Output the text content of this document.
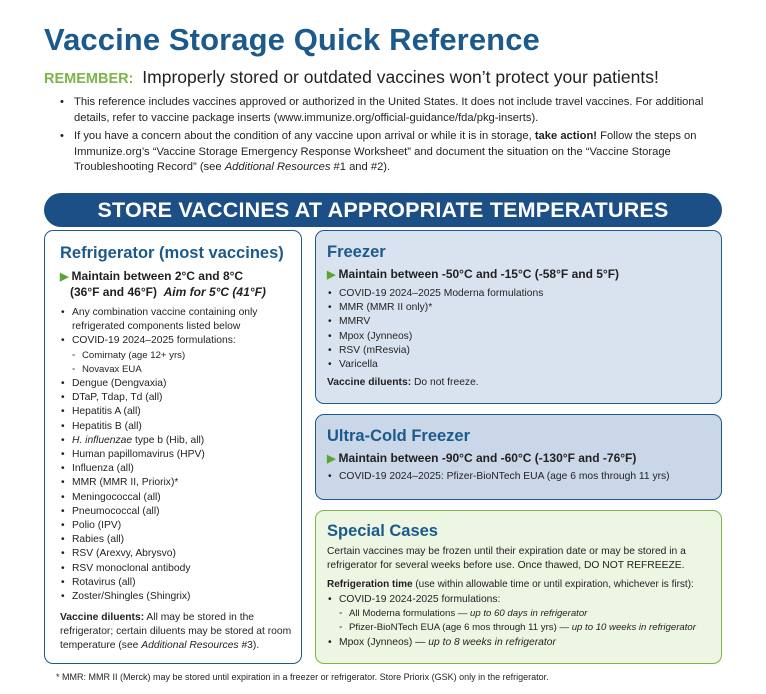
Vaccine Storage Quick Reference
REMEMBER: Improperly stored or outdated vaccines won’t protect your patients!
• This reference includes vaccines approved or authorized in the United States. It does not include travel vaccines. For additional details, refer to vaccine package inserts (www.immunize.org/official-guidance/fda/pkg-inserts).
• If you have a concern about the condition of any vaccine upon arrival or while it is in storage, take action! Follow the steps on Immunize.org’s “Vaccine Storage Emergency Response Worksheet” and document the situation on the “Vaccine Storage Troubleshooting Record” (see Additional Resources #1 and #2).
STORE VACCINES AT APPROPRIATE TEMPERATURES
Refrigerator (most vaccines)
▶ Maintain between 2°C and 8°C
(36°F and 46°F) Aim for 5°C (41°F)
• Any combination vaccine containing only
refrigerated components listed below
• COVID-19 2024–2025 formulations:
◦ Comirnaty (age 12+ yrs)
◦ Novavax EUA
• Dengue (Dengvaxia)
• DTaP, Tdap, Td (all)
• Hepatitis A (all)
• Hepatitis B (all)
• H. influenzae type b (Hib, all)
• Human papillomavirus (HPV)
• Influenza (all)
• MMR (MMR II, Priorix)*
• Meningococcal (all)
• Pneumococcal (all)
• Polio (IPV)
• Rabies (all)
• RSV (Arexvy, Abrysvo)
• RSV monoclonal antibody
• Rotavirus (all)
• Zoster/Shingles (Shingrix)
Vaccine diluents: All may be stored in the refrigerator; certain diluents may be stored at room temperature (see Additional Resources #3).
Freezer
▶ Maintain between -50°C and -15°C (-58°F and 5°F)
• COVID-19 2024–2025 Moderna formulations
• MMR (MMR II only)*
• MMRV
• Mpox (Jynneos)
• RSV (mResvia)
• Varicella
Vaccine diluents: Do not freeze.
Ultra-Cold Freezer
▶ Maintain between -90°C and -60°C (-130°F and -76°F)
• COVID-19 2024–2025: Pfizer-BioNTech EUA (age 6 mos through 11 yrs)
Special Cases
Certain vaccines may be frozen until their expiration date or may be stored in a refrigerator for several weeks before use. Once thawed, DO NOT REFREEZE.
Refrigeration time (use within allowable time or until expiration, whichever is first):
• COVID-19 2024-2025 formulations:
◦ All Moderna formulations — up to 60 days in refrigerator
◦ Pfizer-BioNTech EUA (age 6 mos through 11 yrs) — up to 10 weeks in refrigerator
• Mpox (Jynneos) — up to 8 weeks in refrigerator
* MMR: MMR II (Merck) may be stored until expiration in a freezer or refrigerator. Store Priorix (GSK) only in the refrigerator.
